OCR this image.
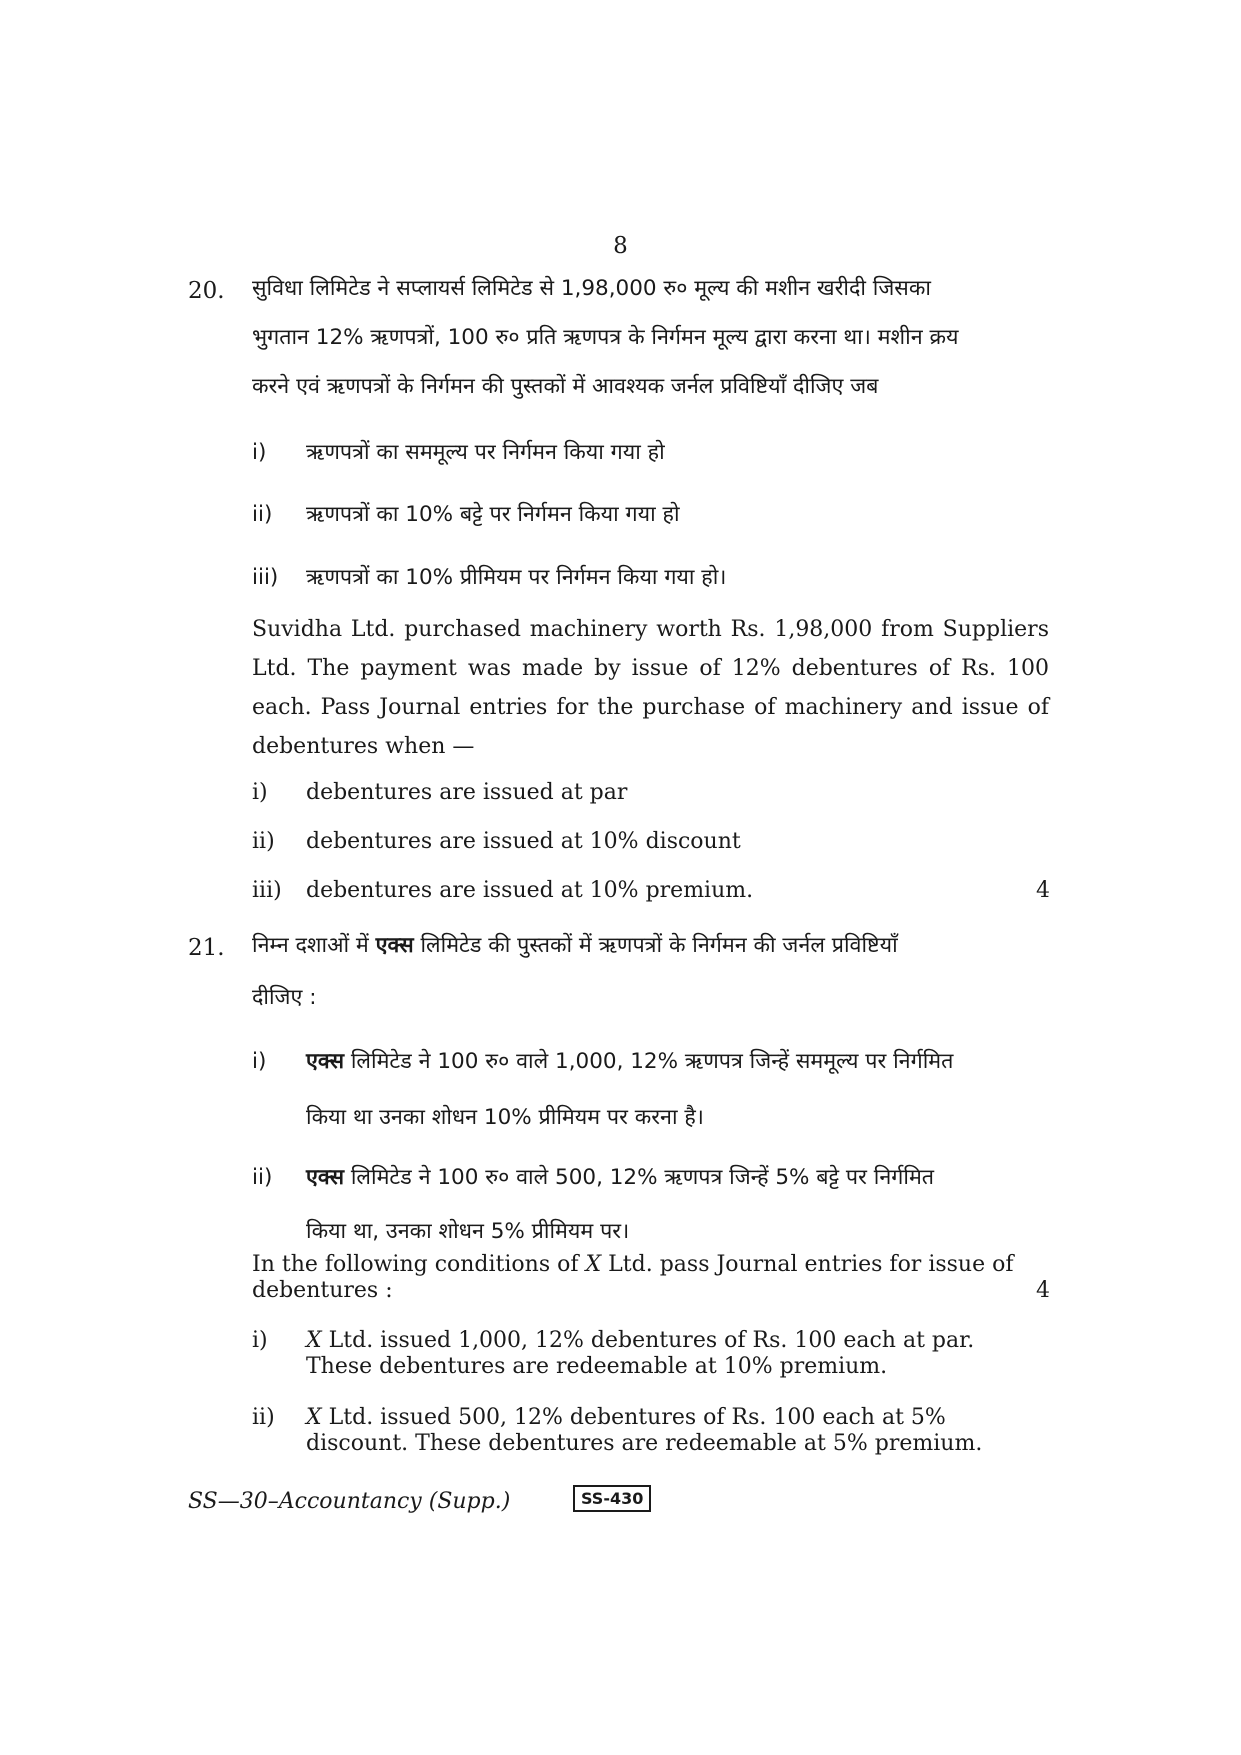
8
20. सुविधा लिमिटेड ने सप्लायर्स लिमिटेड से 1,98,000 रु० मूल्य की मशीन खरीदी जिसका
भुगतान 12% ऋणपत्रों, 100 रु० प्रति ऋणपत्र के निर्गमन मूल्य द्वारा करना था। मशीन क्रय
करने एवं ऋणपत्रों के निर्गमन की पुस्तकों में आवश्यक जर्नल प्रविष्टियाँ दीजिए जब
i) ऋणपत्रों का सममूल्य पर निर्गमन किया गया हो
ii) ऋणपत्रों का 10% बट्टे पर निर्गमन किया गया हो
iii) ऋणपत्रों का 10% प्रीमियम पर निर्गमन किया गया हो।
Suvidha Ltd. purchased machinery worth Rs. 1,98,000 from Suppliers Ltd. The payment was made by issue of 12% debentures of Rs. 100 each. Pass Journal entries for the purchase of machinery and issue of debentures when —
i) debentures are issued at par
ii) debentures are issued at 10% discount
iii) debentures are issued at 10% premium.	4
21. निम्न दशाओं में एक्स लिमिटेड की पुस्तकों में ऋणपत्रों के निर्गमन की जर्नल प्रविष्टियाँ
दीजिए :
i) एक्स लिमिटेड ने 100 रु० वाले 1,000, 12% ऋणपत्र जिन्हें सममूल्य पर निर्गमित
किया था उनका शोधन 10% प्रीमियम पर करना है।
ii) एक्स लिमिटेड ने 100 रु० वाले 500, 12% ऋणपत्र जिन्हें 5% बट्टे पर निर्गमित
किया था, उनका शोधन 5% प्रीमियम पर।
In the following conditions of X Ltd. pass Journal entries for issue of
debentures :	4
i) X Ltd. issued 1,000, 12% debentures of Rs. 100 each at par.
These debentures are redeemable at 10% premium.
ii) X Ltd. issued 500, 12% debentures of Rs. 100 each at 5%
discount. These debentures are redeemable at 5% premium.
SS—30–Accountancy (Supp.)	SS-430
